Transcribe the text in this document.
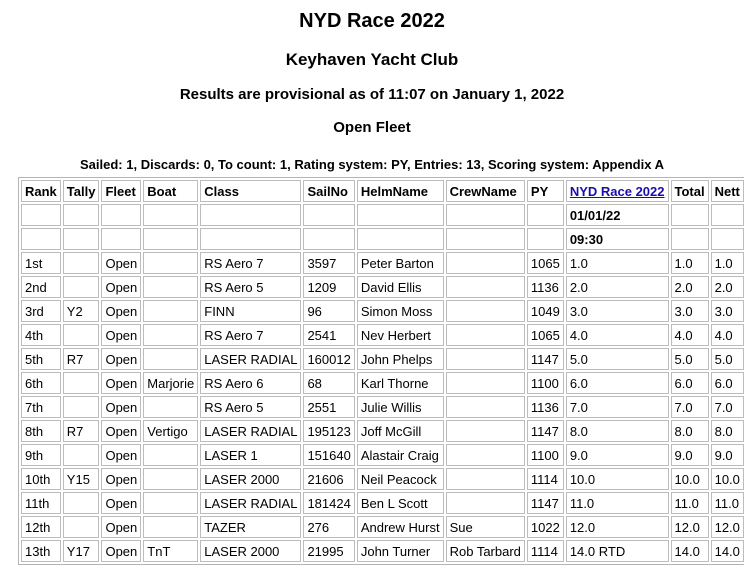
NYD Race 2022
Keyhaven Yacht Club
Results are provisional as of 11:07 on January 1, 2022
Open Fleet
Sailed: 1, Discards: 0, To count: 1, Rating system: PY, Entries: 13, Scoring system: Appendix A
Rank	Tally	Fleet	Boat	Class	SailNo	HelmName	CrewName	PY	NYD Race 2022	Total	Nett
									01/01/22		
									09:30		
1st		Open		RS Aero 7	3597	Peter Barton		1065	1.0	1.0	1.0
2nd		Open		RS Aero 5	1209	David Ellis		1136	2.0	2.0	2.0
3rd	Y2	Open		FINN	96	Simon Moss		1049	3.0	3.0	3.0
4th		Open		RS Aero 7	2541	Nev Herbert		1065	4.0	4.0	4.0
5th	R7	Open		LASER RADIAL	160012	John Phelps		1147	5.0	5.0	5.0
6th		Open	Marjorie	RS Aero 6	68	Karl Thorne		1100	6.0	6.0	6.0
7th		Open		RS Aero 5	2551	Julie Willis		1136	7.0	7.0	7.0
8th	R7	Open	Vertigo	LASER RADIAL	195123	Joff McGill		1147	8.0	8.0	8.0
9th		Open		LASER 1	151640	Alastair Craig		1100	9.0	9.0	9.0
10th	Y15	Open		LASER 2000	21606	Neil Peacock		1114	10.0	10.0	10.0
11th		Open		LASER RADIAL	181424	Ben L Scott		1147	11.0	11.0	11.0
12th		Open		TAZER	276	Andrew Hurst	Sue	1022	12.0	12.0	12.0
13th	Y17	Open	TnT	LASER 2000	21995	John Turner	Rob Tarbard	1114	14.0 RTD	14.0	14.0
